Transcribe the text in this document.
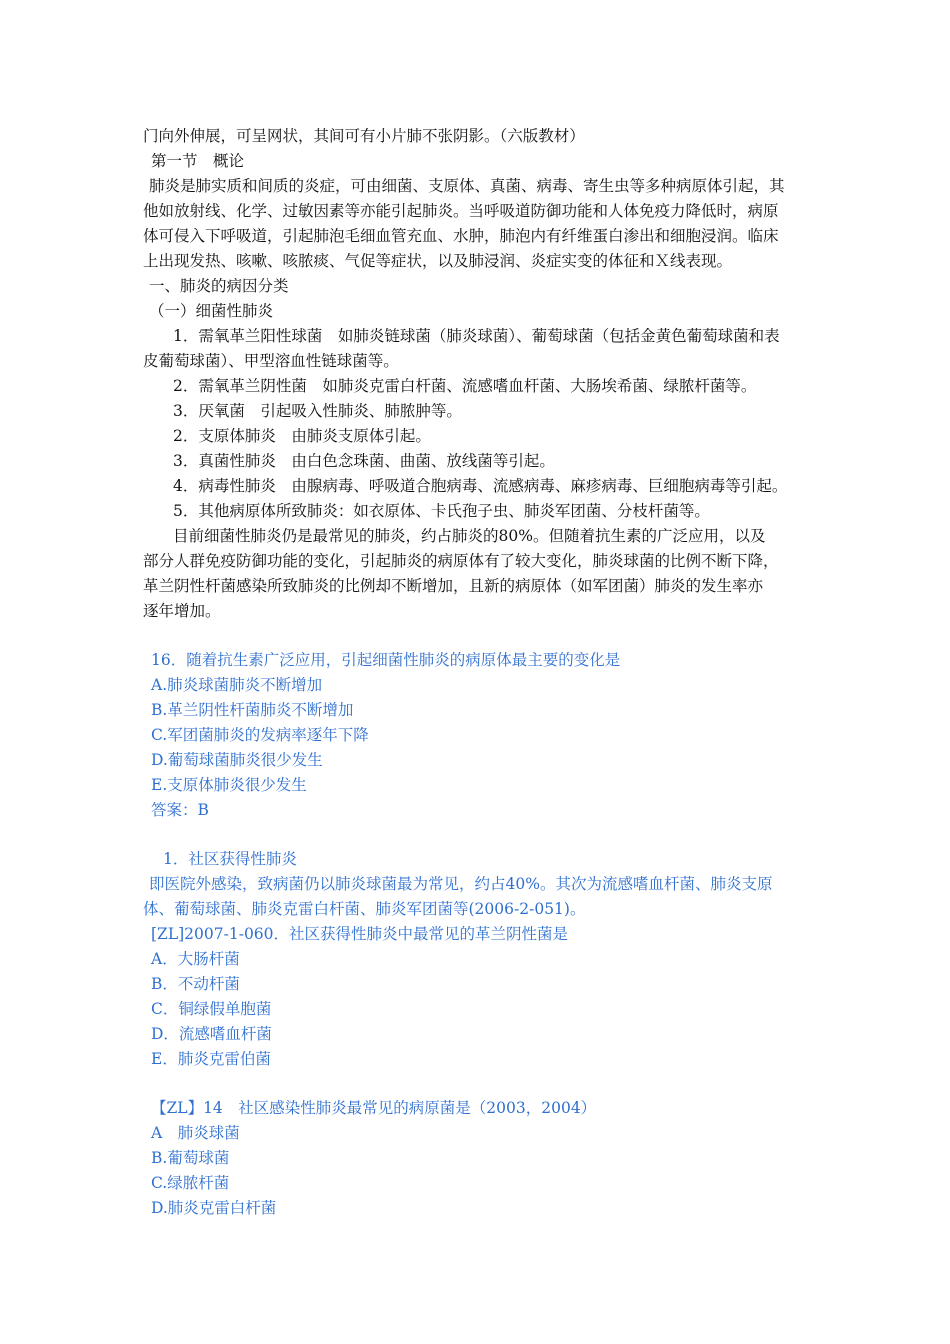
门向外伸展，可呈网状，其间可有小片肺不张阴影。（六版教材）
第一节　概论
肺炎是肺实质和间质的炎症，可由细菌、支原体、真菌、病毒、寄生虫等多种病原体引起，其
他如放射线、化学、过敏因素等亦能引起肺炎。当呼吸道防御功能和人体免疫力降低时，病原
体可侵入下呼吸道，引起肺泡毛细血管充血、水肿，肺泡内有纤维蛋白渗出和细胞浸润。临床
上出现发热、咳嗽、咳脓痰、气促等症状，以及肺浸润、炎症实变的体征和Ｘ线表现。
一、肺炎的病因分类
（一）细菌性肺炎
1．需氧革兰阳性球菌　如肺炎链球菌（肺炎球菌）、葡萄球菌（包括金黄色葡萄球菌和表
皮葡萄球菌）、甲型溶血性链球菌等。
2．需氧革兰阴性菌　如肺炎克雷白杆菌、流感嗜血杆菌、大肠埃希菌、绿脓杆菌等。
3．厌氧菌　引起吸入性肺炎、肺脓肿等。
2．支原体肺炎　由肺炎支原体引起。
3．真菌性肺炎　由白色念珠菌、曲菌、放线菌等引起。
4．病毒性肺炎　由腺病毒、呼吸道合胞病毒、流感病毒、麻疹病毒、巨细胞病毒等引起。
5．其他病原体所致肺炎：如衣原体、卡氏孢子虫、肺炎军团菌、分枝杆菌等。
目前细菌性肺炎仍是最常见的肺炎，约占肺炎的80%。但随着抗生素的广泛应用，以及
部分人群免疫防御功能的变化，引起肺炎的病原体有了较大变化，肺炎球菌的比例不断下降，
革兰阴性杆菌感染所致肺炎的比例却不断增加，且新的病原体（如军团菌）肺炎的发生率亦
逐年增加。
16．随着抗生素广泛应用，引起细菌性肺炎的病原体最主要的变化是
A.肺炎球菌肺炎不断增加
B.革兰阴性杆菌肺炎不断增加
C.军团菌肺炎的发病率逐年下降
D.葡萄球菌肺炎很少发生
E.支原体肺炎很少发生
答案：B
1．社区获得性肺炎
即医院外感染，致病菌仍以肺炎球菌最为常见，约占40%。其次为流感嗜血杆菌、肺炎支原
体、葡萄球菌、肺炎克雷白杆菌、肺炎军团菌等(2006-2-051)。
[ZL]2007-1-060．社区获得性肺炎中最常见的革兰阴性菌是
A．大肠杆菌
B．不动杆菌
C．铜绿假单胞菌
D．流感嗜血杆菌
E．肺炎克雷伯菌
【ZL】14　社区感染性肺炎最常见的病原菌是（2003，2004）
A　肺炎球菌
B.葡萄球菌
C.绿脓杆菌
D.肺炎克雷白杆菌
